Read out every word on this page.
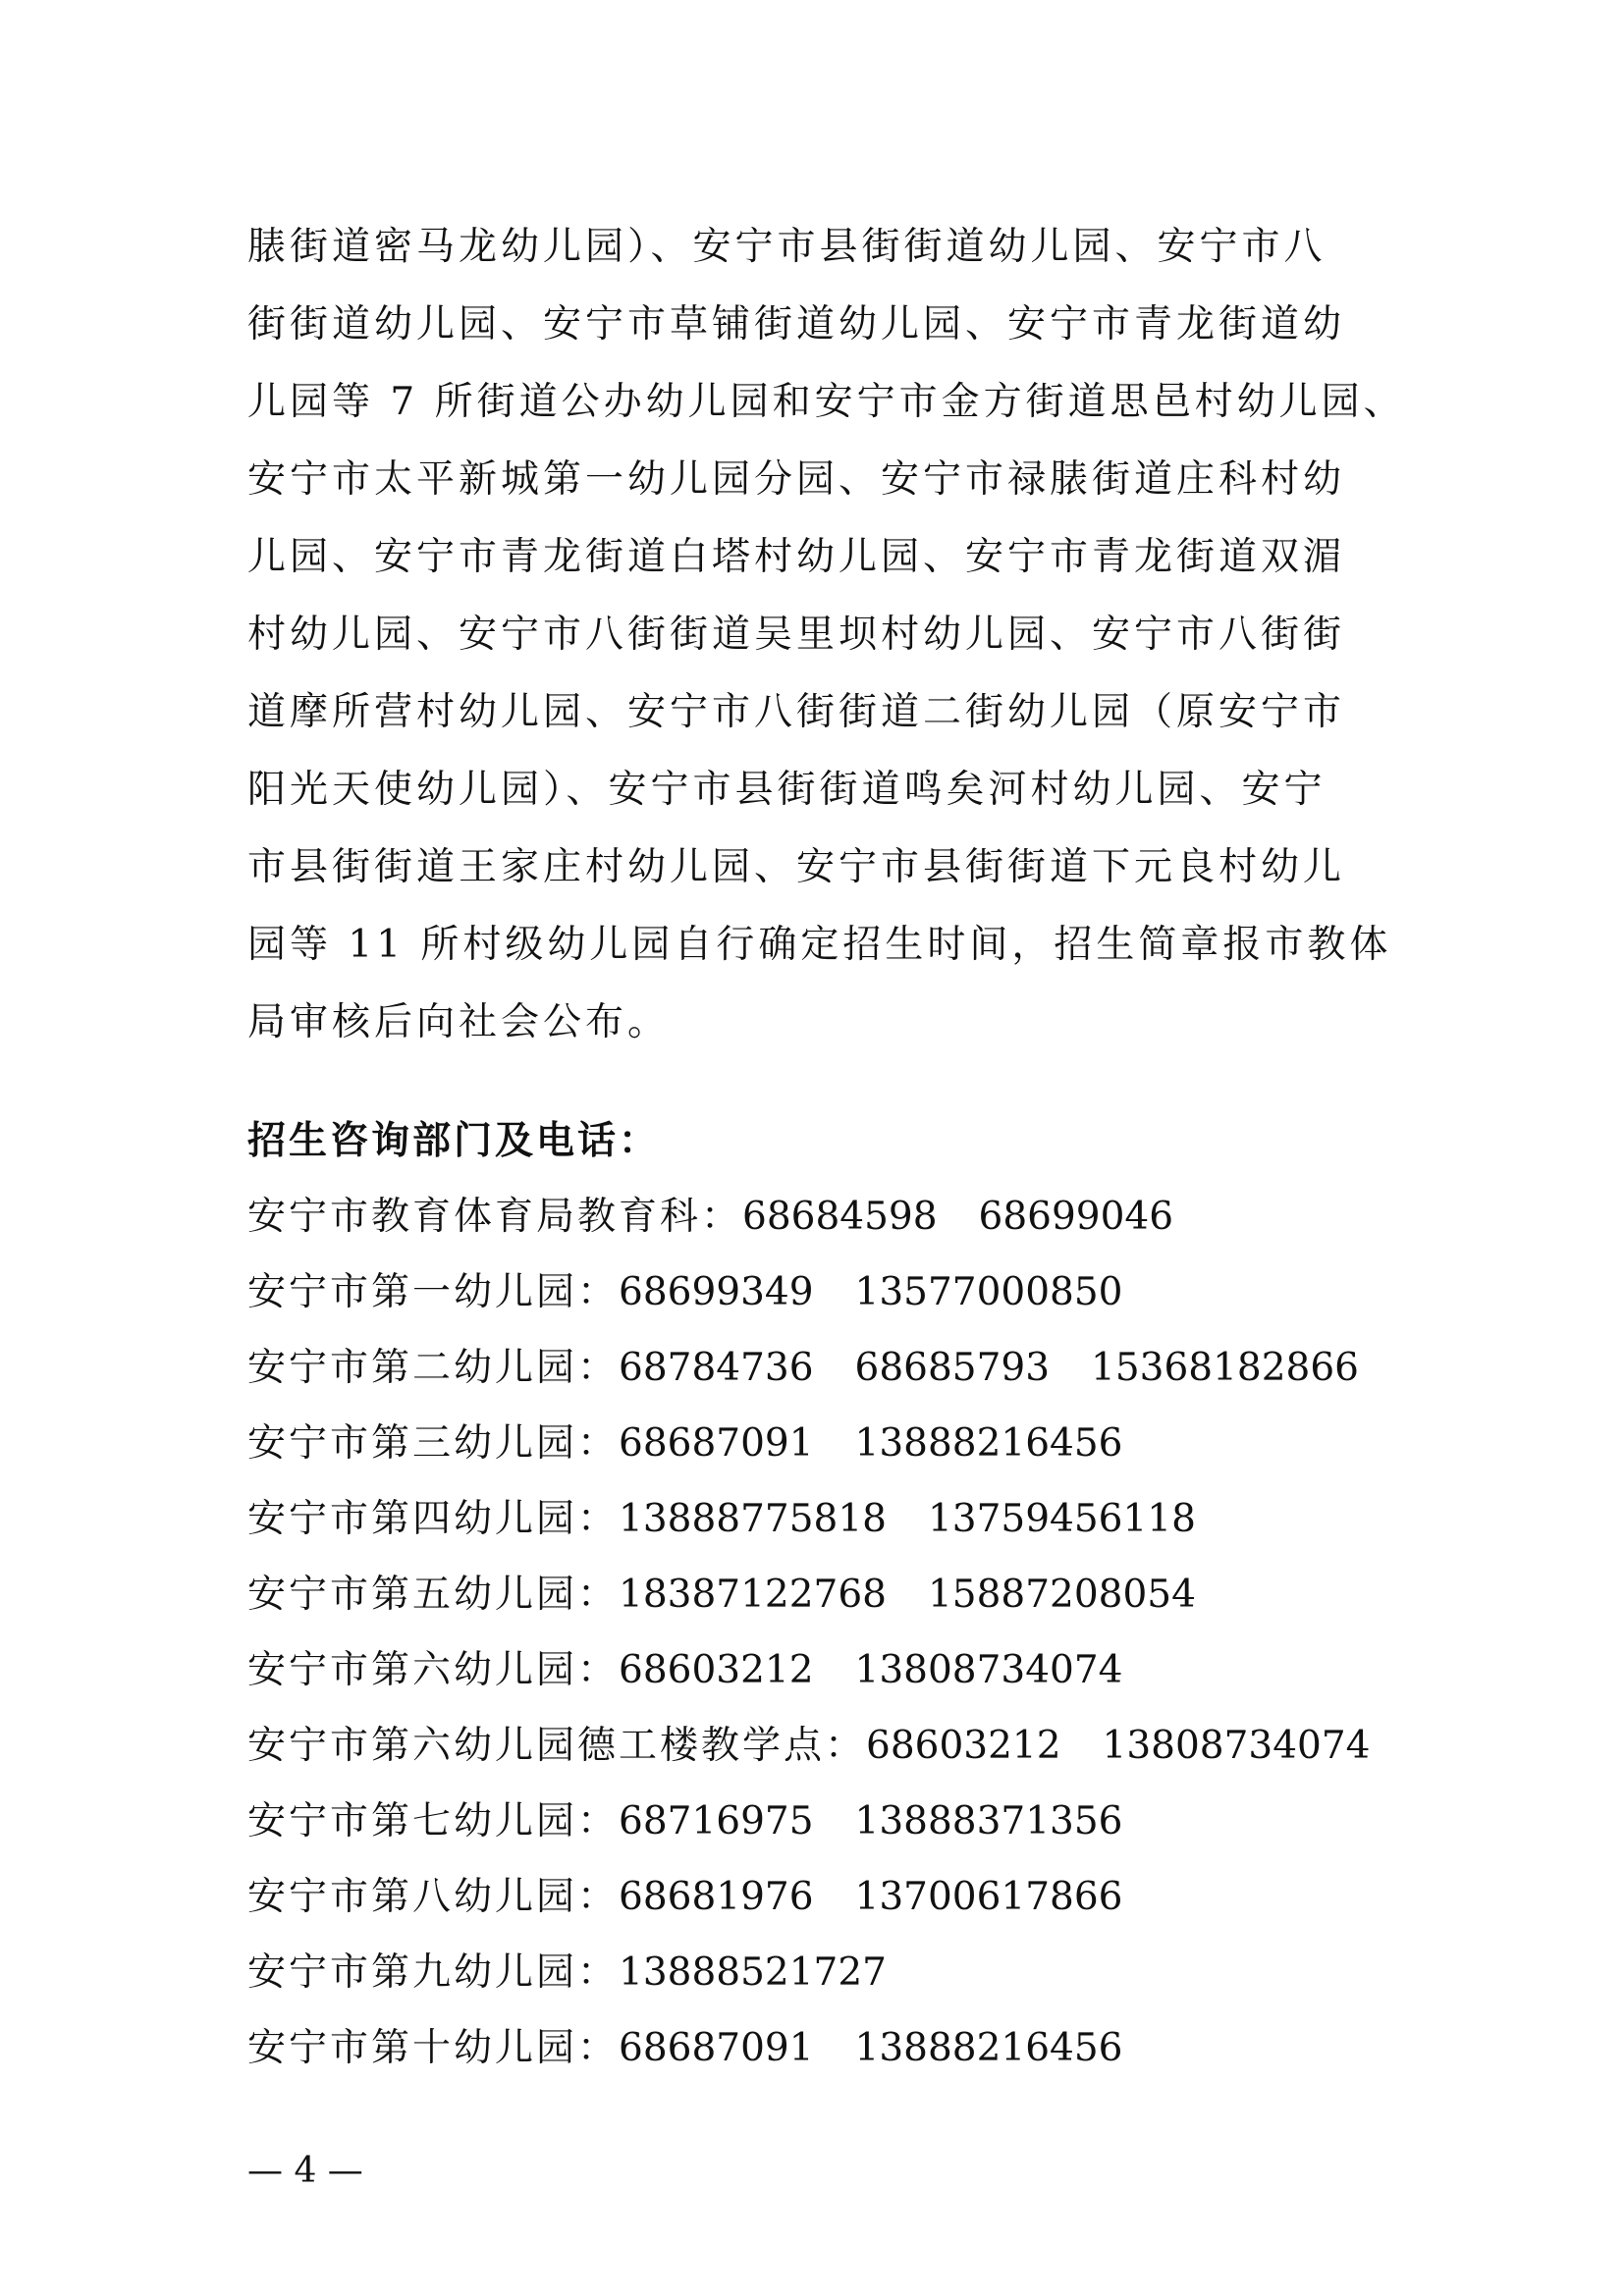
脿街道密马龙幼儿园）、安宁市县街街道幼儿园、安宁市八
街街道幼儿园、安宁市草铺街道幼儿园、安宁市青龙街道幼
儿园等 7 所街道公办幼儿园和安宁市金方街道思邑村幼儿园、
安宁市太平新城第一幼儿园分园、安宁市禄脿街道庄科村幼
儿园、安宁市青龙街道白塔村幼儿园、安宁市青龙街道双湄
村幼儿园、安宁市八街街道吴里坝村幼儿园、安宁市八街街
道摩所营村幼儿园、安宁市八街街道二街幼儿园（原安宁市
阳光天使幼儿园）、安宁市县街街道鸣矣河村幼儿园、安宁
市县街街道王家庄村幼儿园、安宁市县街街道下元良村幼儿
园等 11 所村级幼儿园自行确定招生时间，招生简章报市教体
局审核后向社会公布。
招生咨询部门及电话：
安宁市教育体育局教育科：68684598 68699046
安宁市第一幼儿园：68699349 13577000850
安宁市第二幼儿园：68784736 68685793 15368182866
安宁市第三幼儿园：68687091 13888216456
安宁市第四幼儿园：13888775818 13759456118
安宁市第五幼儿园：18387122768 15887208054
安宁市第六幼儿园：68603212 13808734074
安宁市第六幼儿园德工楼教学点：68603212 13808734074
安宁市第七幼儿园：68716975 13888371356
安宁市第八幼儿园：68681976 13700617866
安宁市第九幼儿园：13888521727
安宁市第十幼儿园：68687091 13888216456
— 4 —
